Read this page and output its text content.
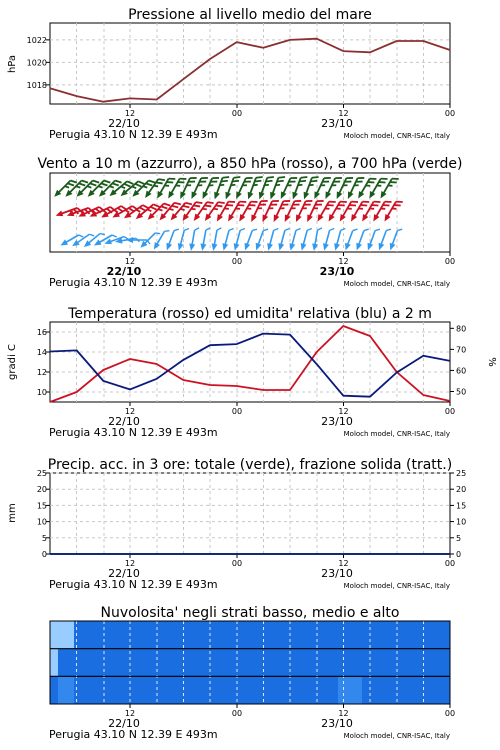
Pressione al livello medio del mare
12	00	12	00
22/10	23/10
Perugia 43.10 N 12.39 E 493m	Moloch model, CNR-ISAC, Italy
1018
1020
1022
hPa
Vento a 10 m (azzurro), a 850 hPa (rosso), a 700 hPa (verde)
12	00	12	00
22/10	23/10
Perugia 43.10 N 12.39 E 493m	Moloch model, CNR-ISAC, Italy
Temperatura (rosso) ed umidita' relativa (blu) a 2 m
12	00	12	00
22/10	23/10
Perugia 43.10 N 12.39 E 493m	Moloch model, CNR-ISAC, Italy
10
12
14
16
50
60
70
80
gradi C	%
Precip. acc. in 3 ore: totale (verde), frazione solida (tratt.)
12	00	12	00
22/10	23/10
Perugia 43.10 N 12.39 E 493m	Moloch model, CNR-ISAC, Italy
0
5
10
15
20
25
0
5
10
15
20
25
mm
Nuvolosita' negli strati basso, medio e alto
12	00	12	00
22/10	23/10
Perugia 43.10 N 12.39 E 493m	Moloch model, CNR-ISAC, Italy
